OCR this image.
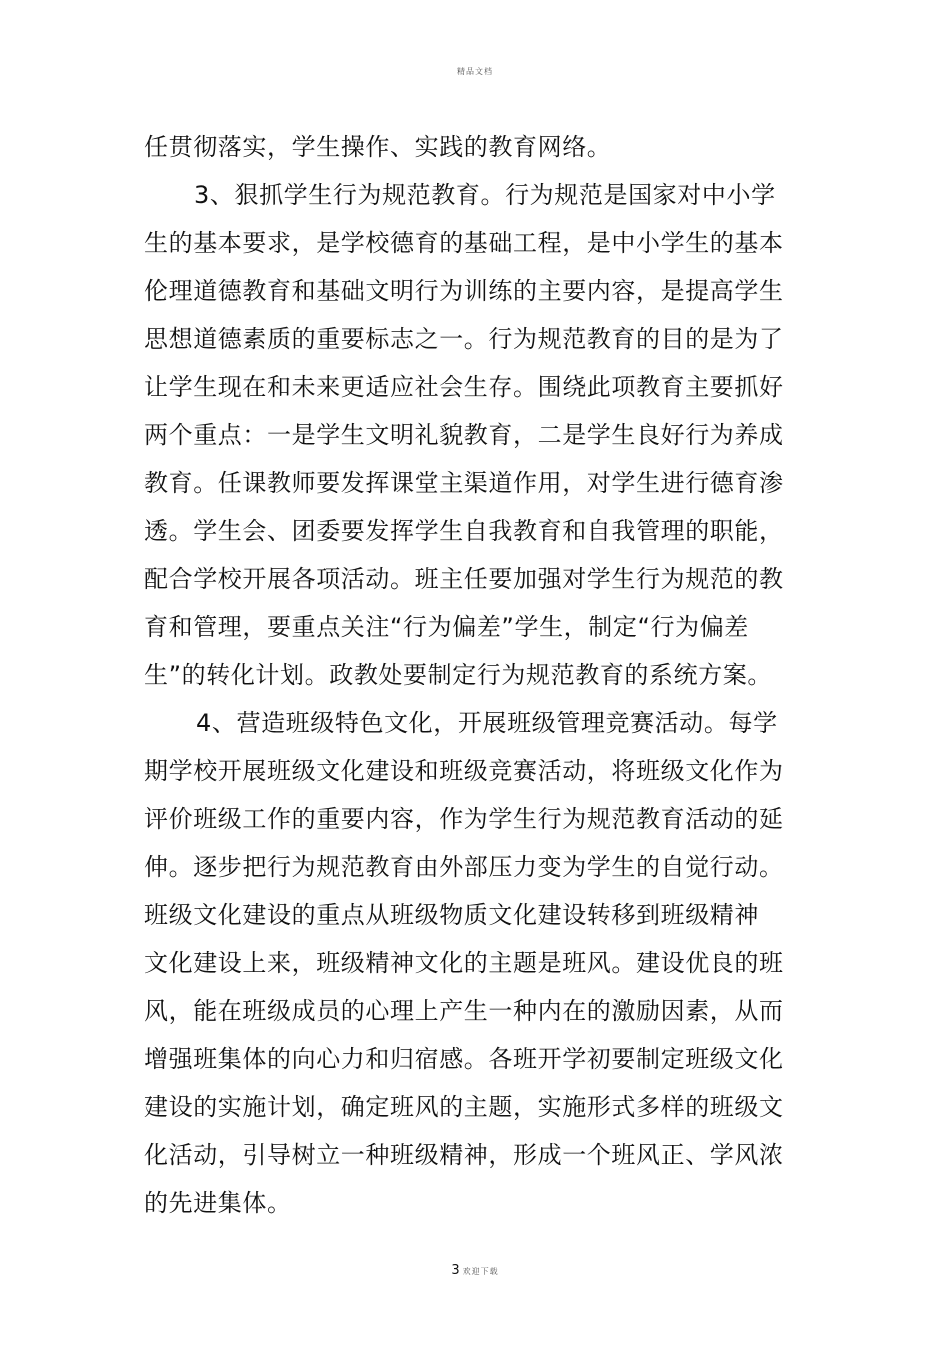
精品文档
任贯彻落实，学生操作、实践的教育网络。
3、狠抓学生行为规范教育。行为规范是国家对中小学
生的基本要求，是学校德育的基础工程，是中小学生的基本
伦理道德教育和基础文明行为训练的主要内容，是提高学生
思想道德素质的重要标志之一。行为规范教育的目的是为了
让学生现在和未来更适应社会生存。围绕此项教育主要抓好
两个重点：一是学生文明礼貌教育，二是学生良好行为养成
教育。任课教师要发挥课堂主渠道作用，对学生进行德育渗
透。学生会、团委要发挥学生自我教育和自我管理的职能，
配合学校开展各项活动。班主任要加强对学生行为规范的教
育和管理，要重点关注“行为偏差”学生，制定“行为偏差
生”的转化计划。政教处要制定行为规范教育的系统方案。
4、营造班级特色文化，开展班级管理竞赛活动。每学
期学校开展班级文化建设和班级竞赛活动，将班级文化作为
评价班级工作的重要内容，作为学生行为规范教育活动的延
伸。逐步把行为规范教育由外部压力变为学生的自觉行动。
班级文化建设的重点从班级物质文化建设转移到班级精神
文化建设上来，班级精神文化的主题是班风。建设优良的班
风，能在班级成员的心理上产生一种内在的激励因素，从而
增强班集体的向心力和归宿感。各班开学初要制定班级文化
建设的实施计划，确定班风的主题，实施形式多样的班级文
化活动，引导树立一种班级精神，形成一个班风正、学风浓
的先进集体。
3 欢迎下载
